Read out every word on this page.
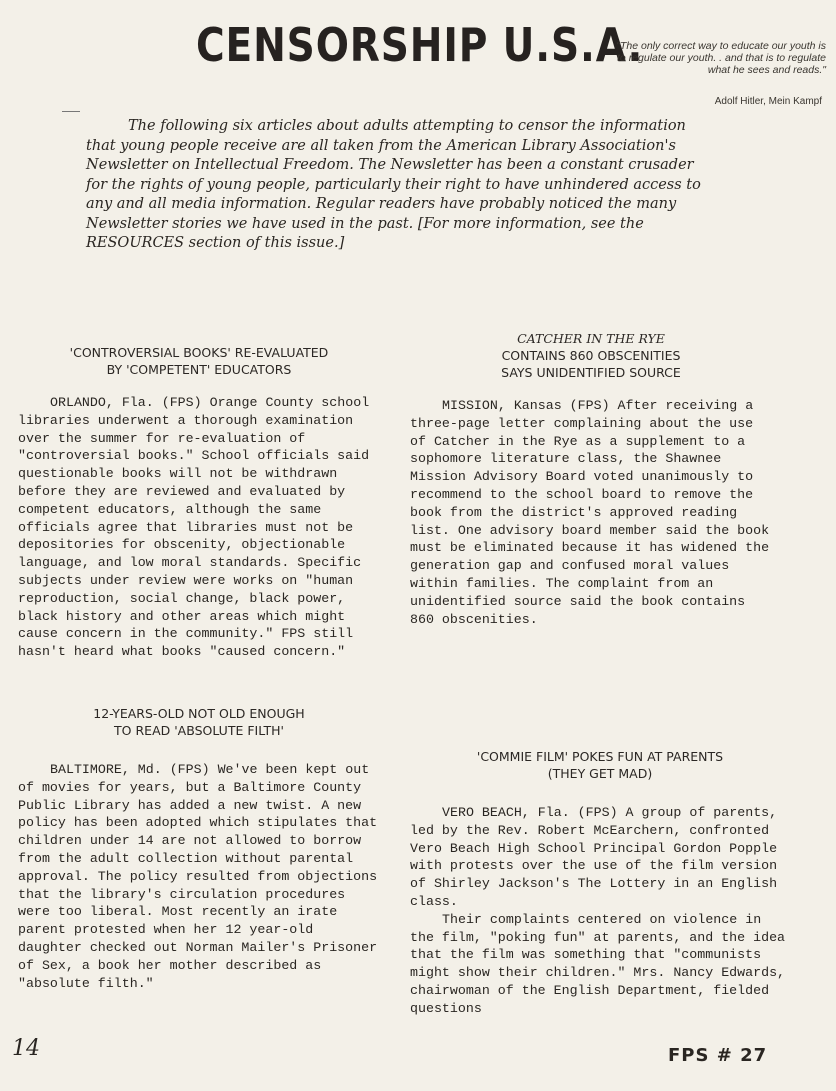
CENSORSHIP U.S.A.
"The only correct way to educate our youth is to regulate our youth. . and that is to regulate what he sees and reads."
Adolf Hitler, Mein Kampf

The following six articles about adults attempting to censor the information that young people receive are all taken from the American Library Association's Newsletter on Intellectual Freedom. The Newsletter has been a constant crusader for the rights of young people, particularly their right to have unhindered access to any and all media information. Regular readers have probably noticed the many Newsletter stories we have used in the past. [For more information, see the RESOURCES section of this issue.]

'CONTROVERSIAL BOOKS' RE-EVALUATED
BY 'COMPETENT' EDUCATORS

ORLANDO, Fla. (FPS) Orange County school libraries underwent a thorough examination over the summer for re-evaluation of "controversial books." School officials said questionable books will not be withdrawn before they are reviewed and evaluated by competent educators, although the same officials agree that libraries must not be depositories for obscenity, objectionable language, and low moral standards. Specific subjects under review were works on "human reproduction, social change, black power, black history and other areas which might cause concern in the community." FPS still hasn't heard what books "caused concern."

CATCHER IN THE RYE
CONTAINS 860 OBSCENITIES
SAYS UNIDENTIFIED SOURCE

MISSION, Kansas (FPS) After receiving a three-page letter complaining about the use of Catcher in the Rye as a supplement to a sophomore literature class, the Shawnee Mission Advisory Board voted unanimously to recommend to the school board to remove the book from the district's approved reading list. One advisory board member said the book must be eliminated because it has widened the generation gap and confused moral values within families. The complaint from an unidentified source said the book contains 860 obscenities.

12-YEARS-OLD NOT OLD ENOUGH
TO READ 'ABSOLUTE FILTH'

BALTIMORE, Md. (FPS) We've been kept out of movies for years, but a Baltimore County Public Library has added a new twist. A new policy has been adopted which stipulates that children under 14 are not allowed to borrow from the adult collection without parental approval. The policy resulted from objections that the library's circulation procedures were too liberal. Most recently an irate parent protested when her 12 year-old daughter checked out Norman Mailer's Prisoner of Sex, a book her mother described as "absolute filth."

'COMMIE FILM' POKES FUN AT PARENTS
(THEY GET MAD)

VERO BEACH, Fla. (FPS) A group of parents, led by the Rev. Robert McEarchern, confronted Vero Beach High School Principal Gordon Popple with protests over the use of the film version of Shirley Jackson's The Lottery in an English class.

Their complaints centered on violence in the film, "poking fun" at parents, and the idea that the film was something that "communists might show their children." Mrs. Nancy Edwards, chairwoman of the English Department, fielded questions

14	FPS # 27
